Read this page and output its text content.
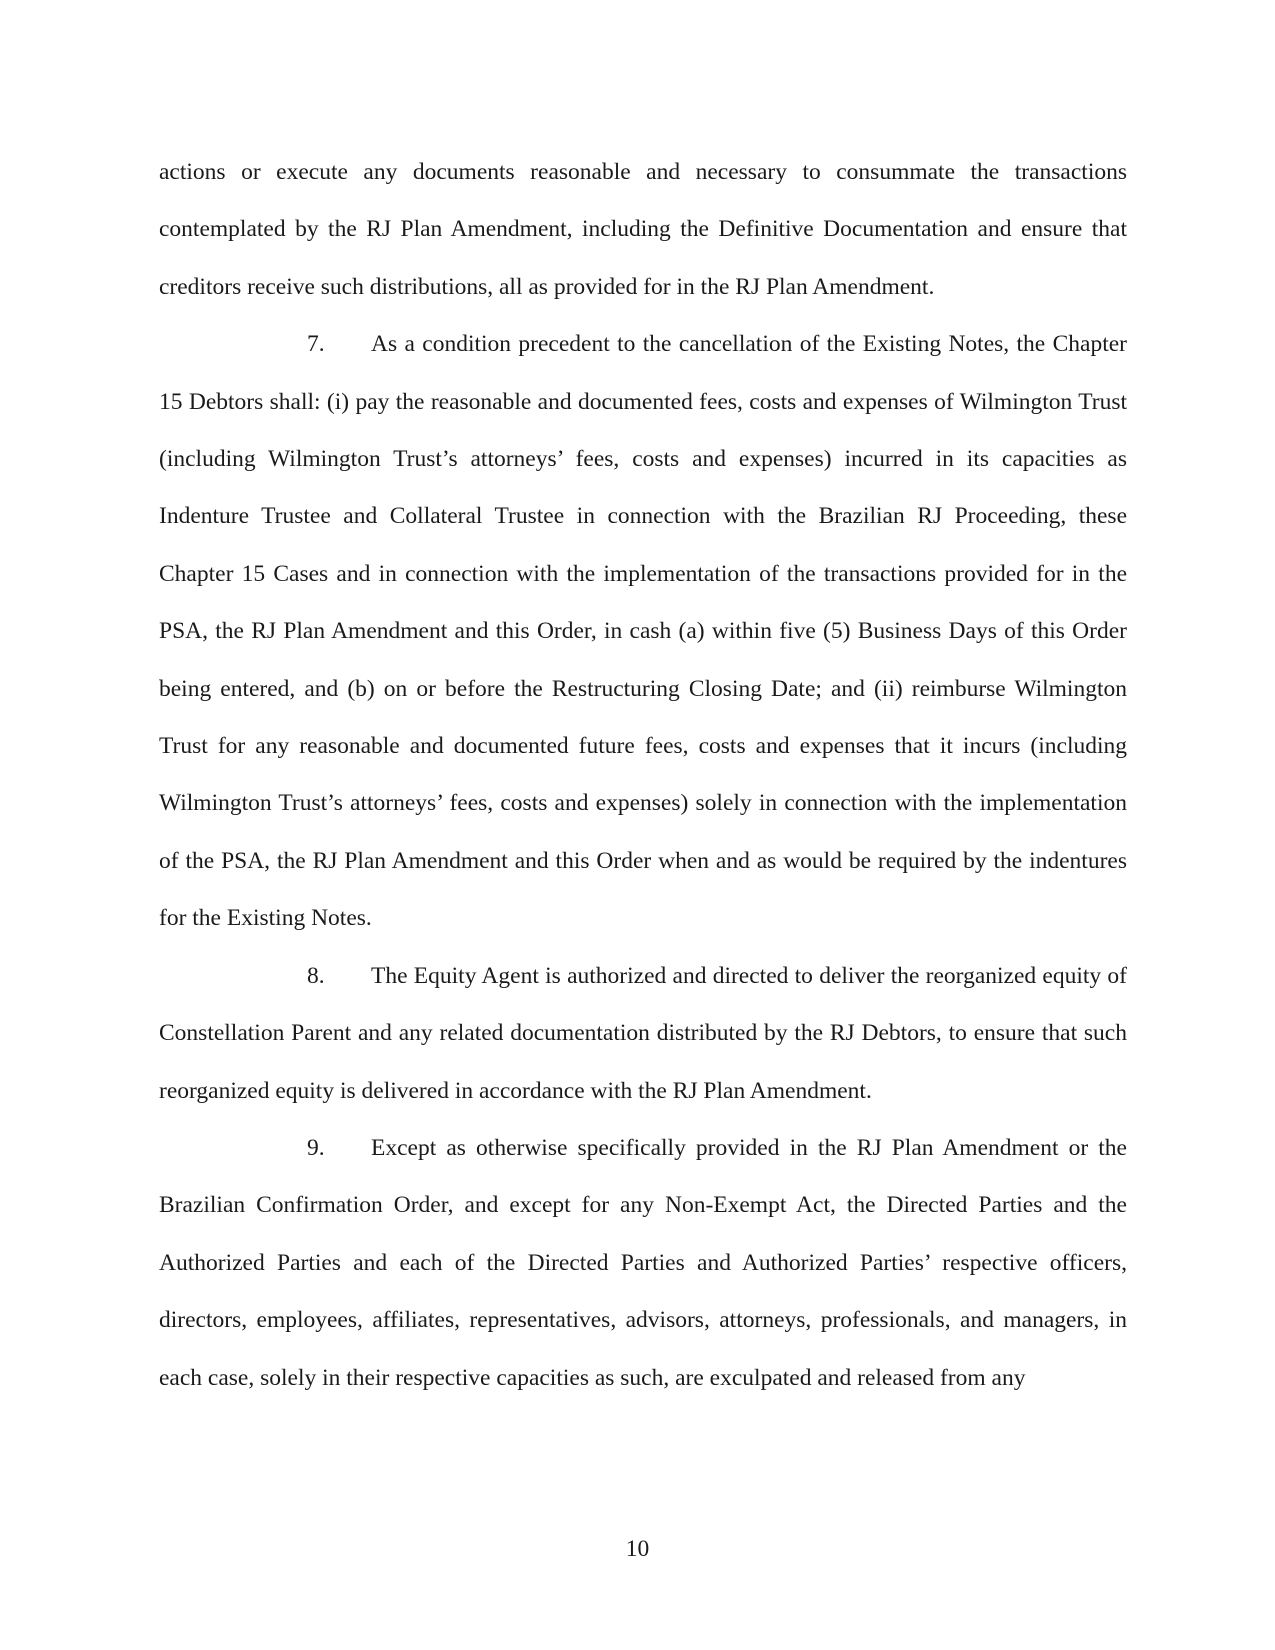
actions or execute any documents reasonable and necessary to consummate the transactions contemplated by the RJ Plan Amendment, including the Definitive Documentation and ensure that creditors receive such distributions, all as provided for in the RJ Plan Amendment.

7. As a condition precedent to the cancellation of the Existing Notes, the Chapter 15 Debtors shall: (i) pay the reasonable and documented fees, costs and expenses of Wilmington Trust (including Wilmington Trust’s attorneys’ fees, costs and expenses) incurred in its capacities as Indenture Trustee and Collateral Trustee in connection with the Brazilian RJ Proceeding, these Chapter 15 Cases and in connection with the implementation of the transactions provided for in the PSA, the RJ Plan Amendment and this Order, in cash (a) within five (5) Business Days of this Order being entered, and (b) on or before the Restructuring Closing Date; and (ii) reimburse Wilmington Trust for any reasonable and documented future fees, costs and expenses that it incurs (including Wilmington Trust’s attorneys’ fees, costs and expenses) solely in connection with the implementation of the PSA, the RJ Plan Amendment and this Order when and as would be required by the indentures for the Existing Notes.

8. The Equity Agent is authorized and directed to deliver the reorganized equity of Constellation Parent and any related documentation distributed by the RJ Debtors, to ensure that such reorganized equity is delivered in accordance with the RJ Plan Amendment.

9. Except as otherwise specifically provided in the RJ Plan Amendment or the Brazilian Confirmation Order, and except for any Non-Exempt Act, the Directed Parties and the Authorized Parties and each of the Directed Parties and Authorized Parties’ respective officers, directors, employees, affiliates, representatives, advisors, attorneys, professionals, and managers, in each case, solely in their respective capacities as such, are exculpated and released from any

10
